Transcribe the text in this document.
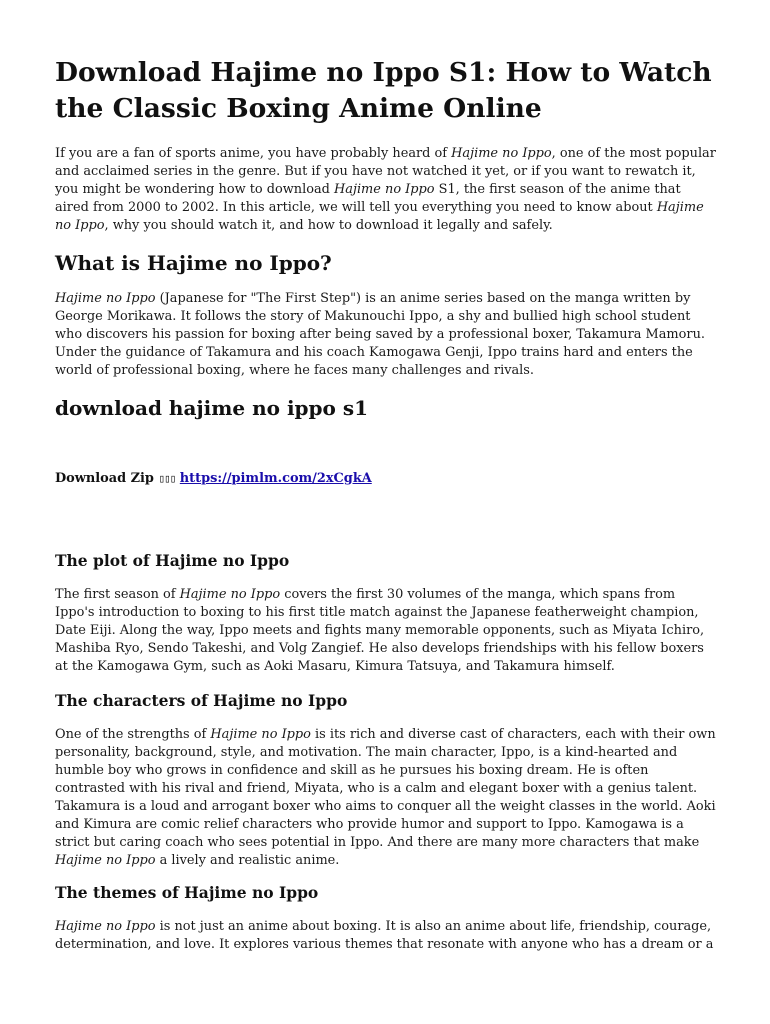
Download Hajime no Ippo S1: How to Watch the Classic Boxing Anime Online

If you are a fan of sports anime, you have probably heard of Hajime no Ippo, one of the most popular and acclaimed series in the genre. But if you have not watched it yet, or if you want to rewatch it, you might be wondering how to download Hajime no Ippo S1, the first season of the anime that aired from 2000 to 2002. In this article, we will tell you everything you need to know about Hajime no Ippo, why you should watch it, and how to download it legally and safely.

What is Hajime no Ippo?

Hajime no Ippo (Japanese for "The First Step") is an anime series based on the manga written by George Morikawa. It follows the story of Makunouchi Ippo, a shy and bullied high school student who discovers his passion for boxing after being saved by a professional boxer, Takamura Mamoru. Under the guidance of Takamura and his coach Kamogawa Genji, Ippo trains hard and enters the world of professional boxing, where he faces many challenges and rivals.

download hajime no ippo s1
Download Zip ▯▯▯ https://pimlm.com/2xCgkA
The plot of Hajime no Ippo

The first season of Hajime no Ippo covers the first 30 volumes of the manga, which spans from Ippo's introduction to boxing to his first title match against the Japanese featherweight champion, Date Eiji. Along the way, Ippo meets and fights many memorable opponents, such as Miyata Ichiro, Mashiba Ryo, Sendo Takeshi, and Volg Zangief. He also develops friendships with his fellow boxers at the Kamogawa Gym, such as Aoki Masaru, Kimura Tatsuya, and Takamura himself.

The characters of Hajime no Ippo

One of the strengths of Hajime no Ippo is its rich and diverse cast of characters, each with their own personality, background, style, and motivation. The main character, Ippo, is a kind-hearted and humble boy who grows in confidence and skill as he pursues his boxing dream. He is often contrasted with his rival and friend, Miyata, who is a calm and elegant boxer with a genius talent. Takamura is a loud and arrogant boxer who aims to conquer all the weight classes in the world. Aoki and Kimura are comic relief characters who provide humor and support to Ippo. Kamogawa is a strict but caring coach who sees potential in Ippo. And there are many more characters that make Hajime no Ippo a lively and realistic anime.

The themes of Hajime no Ippo

Hajime no Ippo is not just an anime about boxing. It is also an anime about life, friendship, courage, determination, and love. It explores various themes that resonate with anyone who has a dream or a
